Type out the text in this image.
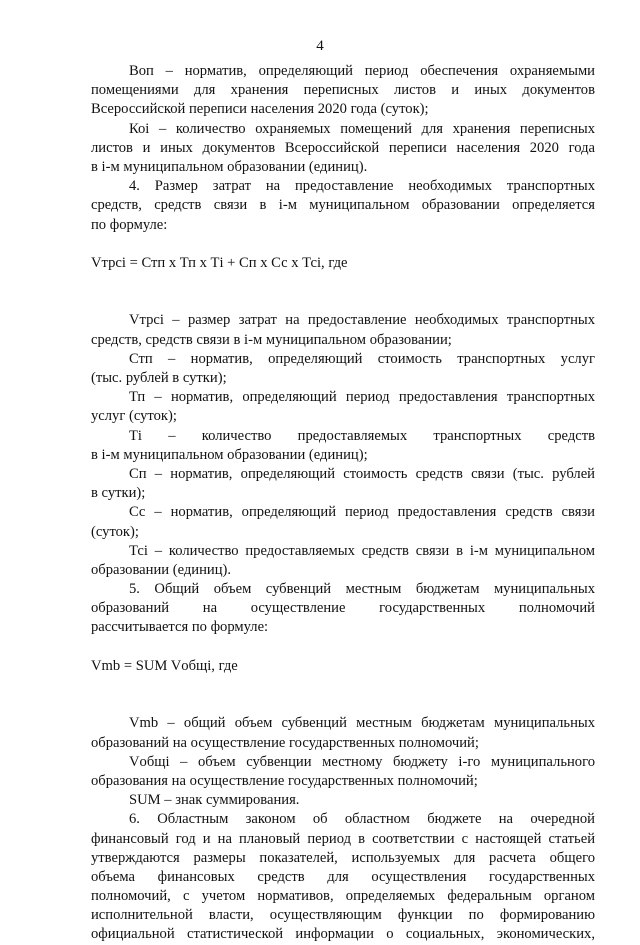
4
Воп – норматив, определяющий период обеспечения охраняемыми
помещениями для хранения переписных листов и иных документов
Всероссийской переписи населения 2020 года (суток);
Коi – количество охраняемых помещений для хранения переписных
листов и иных документов Всероссийской переписи населения 2020 года
в i-м муниципальном образовании (единиц).
4. Размер затрат на предоставление необходимых транспортных
средств, средств связи в i-м муниципальном образовании определяется
по формуле:
Vтрсi = Стп х Тп х Тi + Сп х Сс х Тсi, где
Vтрсi – размер затрат на предоставление необходимых транспортных
средств, средств связи в i-м муниципальном образовании;
Стп – норматив, определяющий стоимость транспортных услуг
(тыс. рублей в сутки);
Тп – норматив, определяющий период предоставления транспортных
услуг (суток);
Тi – количество предоставляемых транспортных средств
в i-м муниципальном образовании (единиц);
Сп – норматив, определяющий стоимость средств связи (тыс. рублей
в сутки);
Сс – норматив, определяющий период предоставления средств связи
(суток);
Тсi – количество предоставляемых средств связи в i-м муниципальном
образовании (единиц).
5. Общий объем субвенций местным бюджетам муниципальных
образований на осуществление государственных полномочий
рассчитывается по формуле:
Vmb = SUM Vобщi, где
Vmb – общий объем субвенций местным бюджетам муниципальных
образований на осуществление государственных полномочий;
Vобщi – объем субвенции местному бюджету i-го муниципального
образования на осуществление государственных полномочий;
SUM – знак суммирования.
6. Областным законом об областном бюджете на очередной
финансовый год и на плановый период в соответствии с настоящей статьей
утверждаются размеры показателей, используемых для расчета общего
объема финансовых средств для осуществления государственных
полномочий, с учетом нормативов, определяемых федеральным органом
исполнительной власти, осуществляющим функции по формированию
официальной статистической информации о социальных, экономических,
